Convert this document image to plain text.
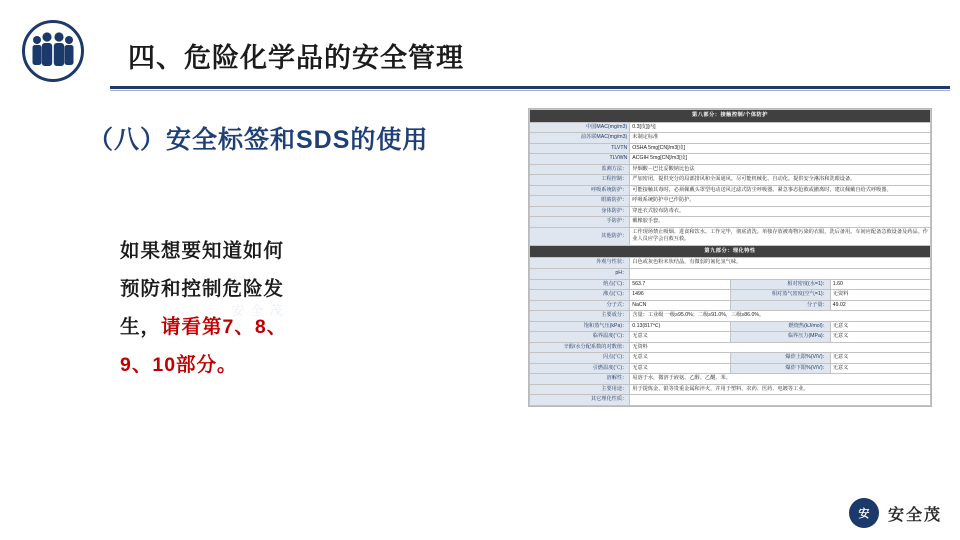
四、危险化学品的安全管理
（八）安全标签和SDS的使用
如果想要知道如何
预防和控制危险发
生，请看第7、8、
9、10部分。
安全茂
第八部分：接触控制/个体防护			
中国MAC(mg/m3)	0.3[皮][丙]		
前苏联MAC(mg/m3)	未制定标准		
TLVTN	OSHA 5mg[CN]/m3[皮]		
TLVWN	ACGIH 5mg[CN]/m3[皮]		
监测方法：	异烟酸－巴比妥酸钠比色法		
工程控制：	严加密闭，提供充分的局部排风和全面通风。尽可能机械化、自动化。提供安全淋浴和洗眼设备。		
呼吸系统防护：	可能接触其毒时，必须佩戴头罩型电动送风过滤式防尘呼吸器。紧急事态抢救或撤离时，建议佩戴自给式呼吸器。		
眼睛防护：	呼吸系统防护中已作防护。		
身体防护：	穿连衣式胶布防毒衣。		
手防护：	戴橡胶手套。		
其他防护：	工作现场禁止吸烟、进食和饮水。工作完毕，彻底清洗。单独存放被毒物污染的衣服，洗后备用。车间应配备急救设备及药品。作业人员应学会自救互救。		
第九部分：理化特性			
外观与性状：	白色或灰色粉末状结晶，有微弱的氰化氢气味。		
pH：			
熔点(℃)：	563.7	相对密度(水=1)：	1.60
沸点(℃)：	1496	相对蒸气密度(空气=1)：	无资料
分子式：	NaCN	分子量：	49.02
主要成分：	含量：工业级 一级≥95.0%；二级≥91.0%，三级≥86.0%。		
饱和蒸气压(kPa)：	0.13(817℃)	燃烧热(kJ/mol)：	无意义
临界温度(℃)：	无意义	临界压力(MPa)：	无意义
辛醇/水分配系数的对数值：	无资料		
闪点(℃)：	无意义	爆炸上限%(V/V)：	无意义
引燃温度(℃)：	无意义	爆炸下限%(V/V)：	无意义
溶解性：	易溶于水，微溶于液氨、乙醇、乙醚、苯。		
主要用途：	用于提炼金、银等贵重金属和淬火，并用于塑料、农药、医药、电镀等工业。		
其它理化性质：			
安	安全茂
